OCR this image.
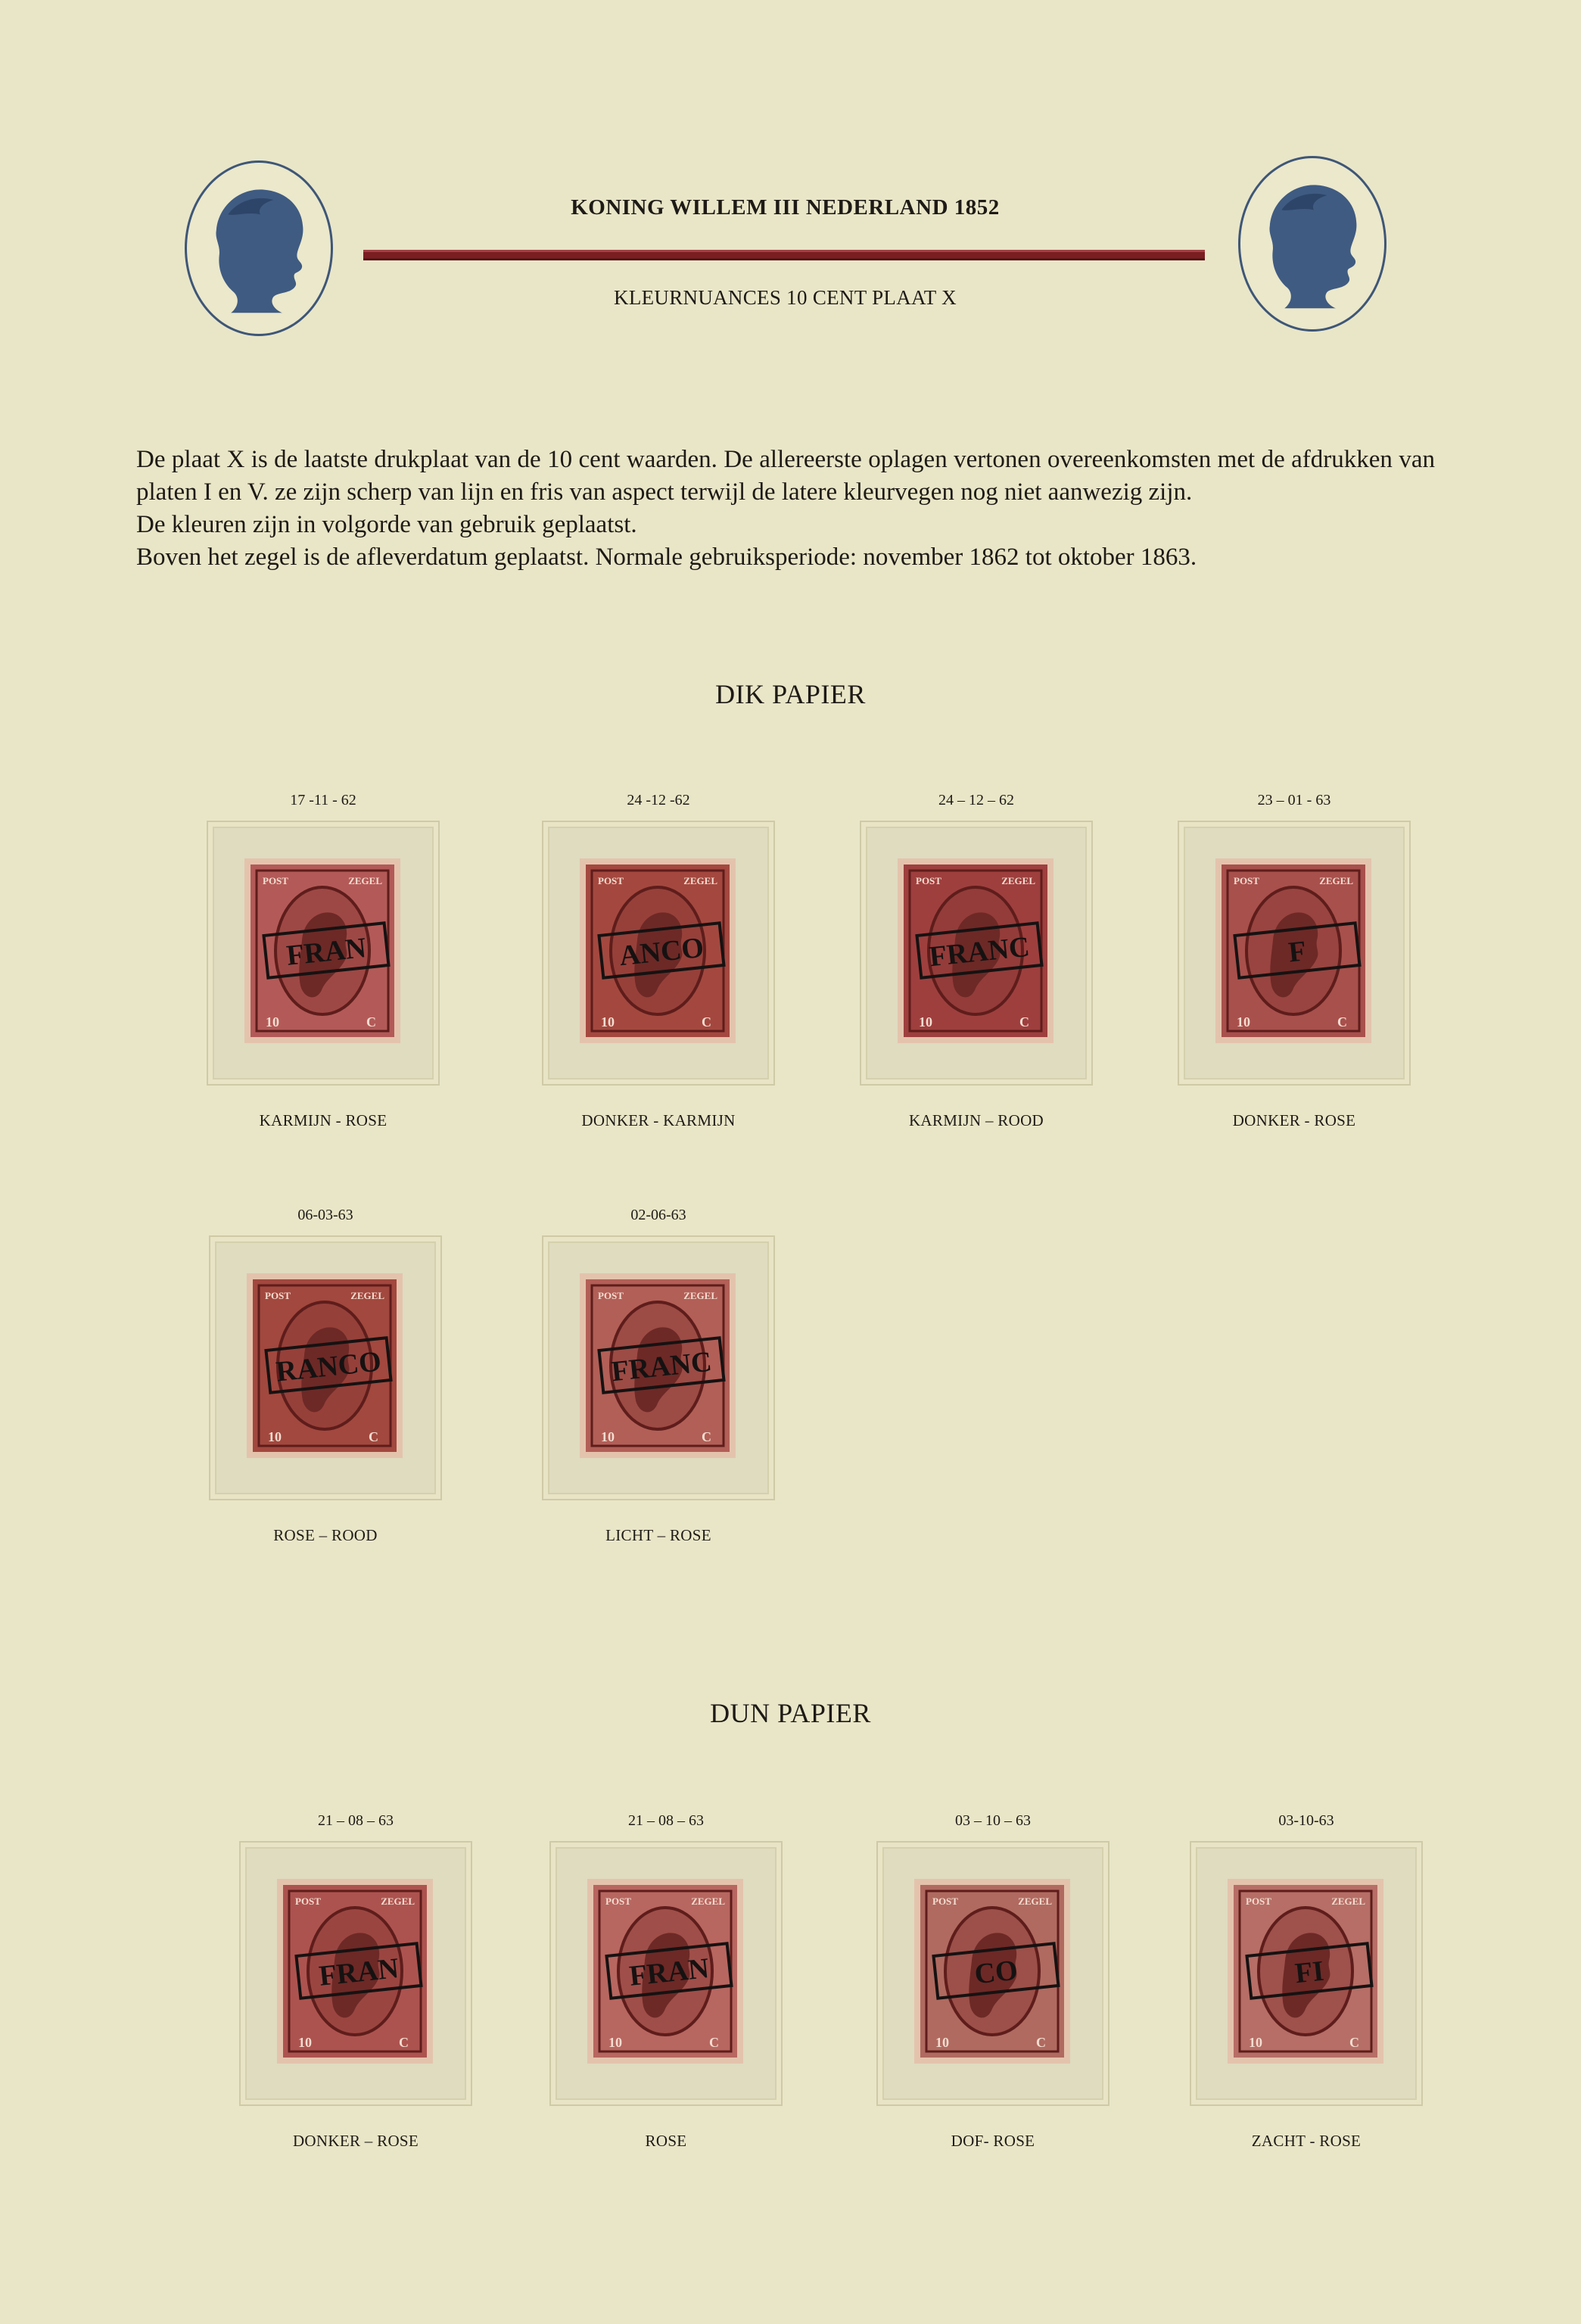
KONING WILLEM III NEDERLAND 1852
KLEURNUANCES 10 CENT PLAAT X

De plaat X is de laatste drukplaat van de 10 cent waarden. De allereerste oplagen vertonen overeenkomsten met de afdrukken van platen I en V. ze zijn scherp van lijn en fris van aspect terwijl de latere kleurvegen nog niet aanwezig zijn.

De kleuren zijn in volgorde van gebruik geplaatst.

Boven het zegel is de afleverdatum geplaatst. Normale gebruiksperiode: november 1862 tot oktober 1863.

DIK PAPIER
17 -11 - 62
POST	ZEGEL
10	C
FRAN
KARMIJN - ROSE
24 -12 -62
POST	ZEGEL
10	C
ANCO
DONKER - KARMIJN
24 – 12 – 62
POST	ZEGEL
10	C
FRANC
KARMIJN – ROOD
23 – 01 - 63
POST	ZEGEL
10	C
F
DONKER - ROSE
06-03-63
POST	ZEGEL
10	C
RANCO
ROSE – ROOD
02-06-63
POST	ZEGEL
10	C
FRANC
LICHT – ROSE
DUN PAPIER
21 – 08 – 63
POST	ZEGEL
10	C
FRAN
DONKER – ROSE
21 – 08 – 63
POST	ZEGEL
10	C
FRAN
ROSE
03 – 10 – 63
POST	ZEGEL
10	C
CO
DOF- ROSE
03-10-63
POST	ZEGEL
10	C
FI
ZACHT - ROSE
